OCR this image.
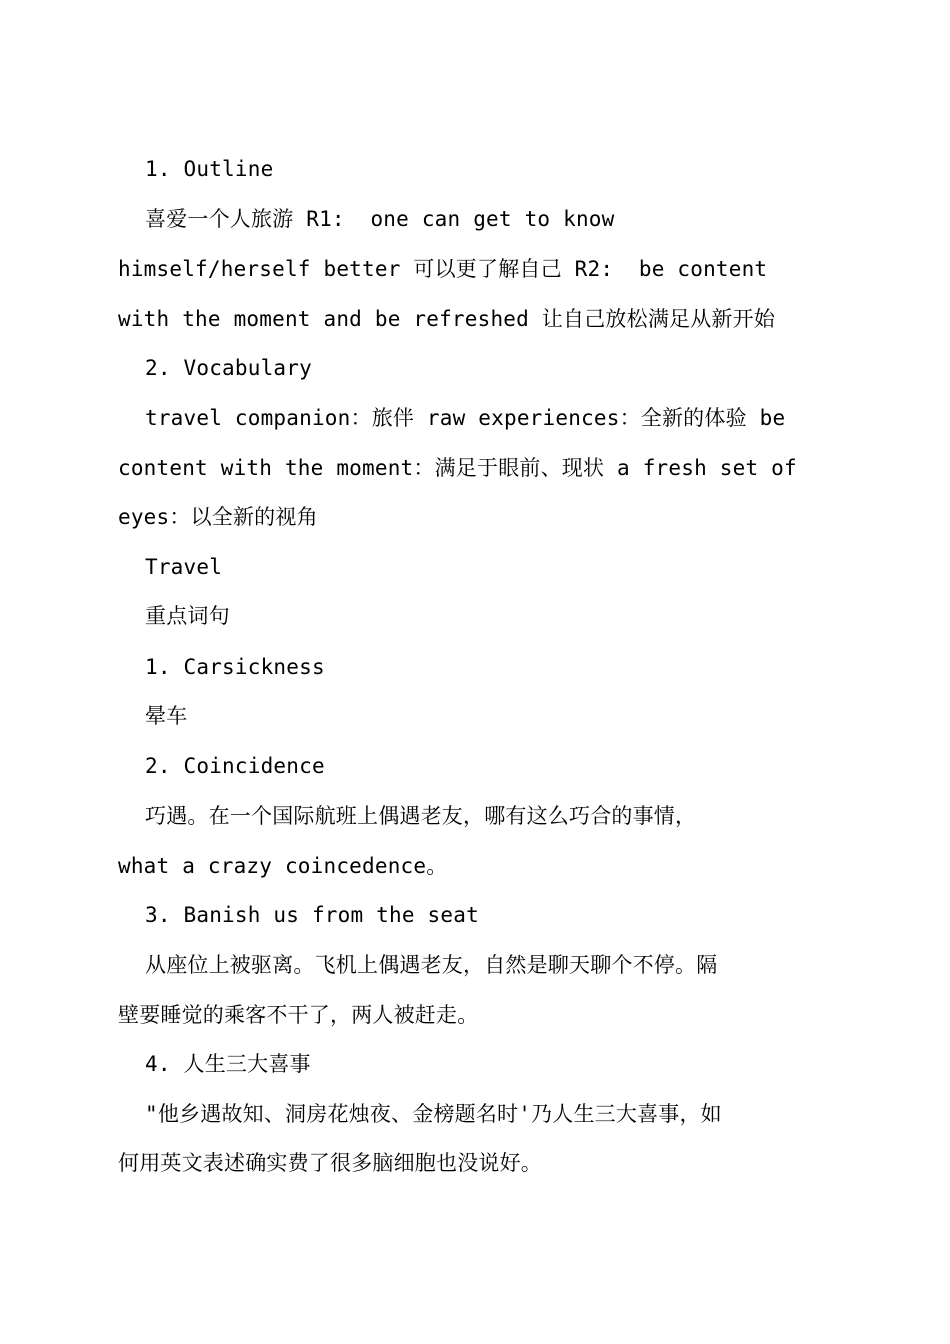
1. Outline
喜爱一个人旅游 R1:  one can get to know
himself/herself better 可以更了解自己 R2:  be content
with the moment and be refreshed 让自己放松满足从新开始
2. Vocabulary
travel companion：旅伴 raw experiences：全新的体验 be
content with the moment：满足于眼前、现状 a fresh set of
eyes：以全新的视角
Travel
重点词句
1. Carsickness
晕车
2. Coincidence
巧遇。在一个国际航班上偶遇老友，哪有这么巧合的事情，
what a crazy coincedence。
3. Banish us from the seat
从座位上被驱离。飞机上偶遇老友，自然是聊天聊个不停。隔
壁要睡觉的乘客不干了，两人被赶走。
4. 人生三大喜事
"他乡遇故知、洞房花烛夜、金榜题名时'乃人生三大喜事，如
何用英文表述确实费了很多脑细胞也没说好。
